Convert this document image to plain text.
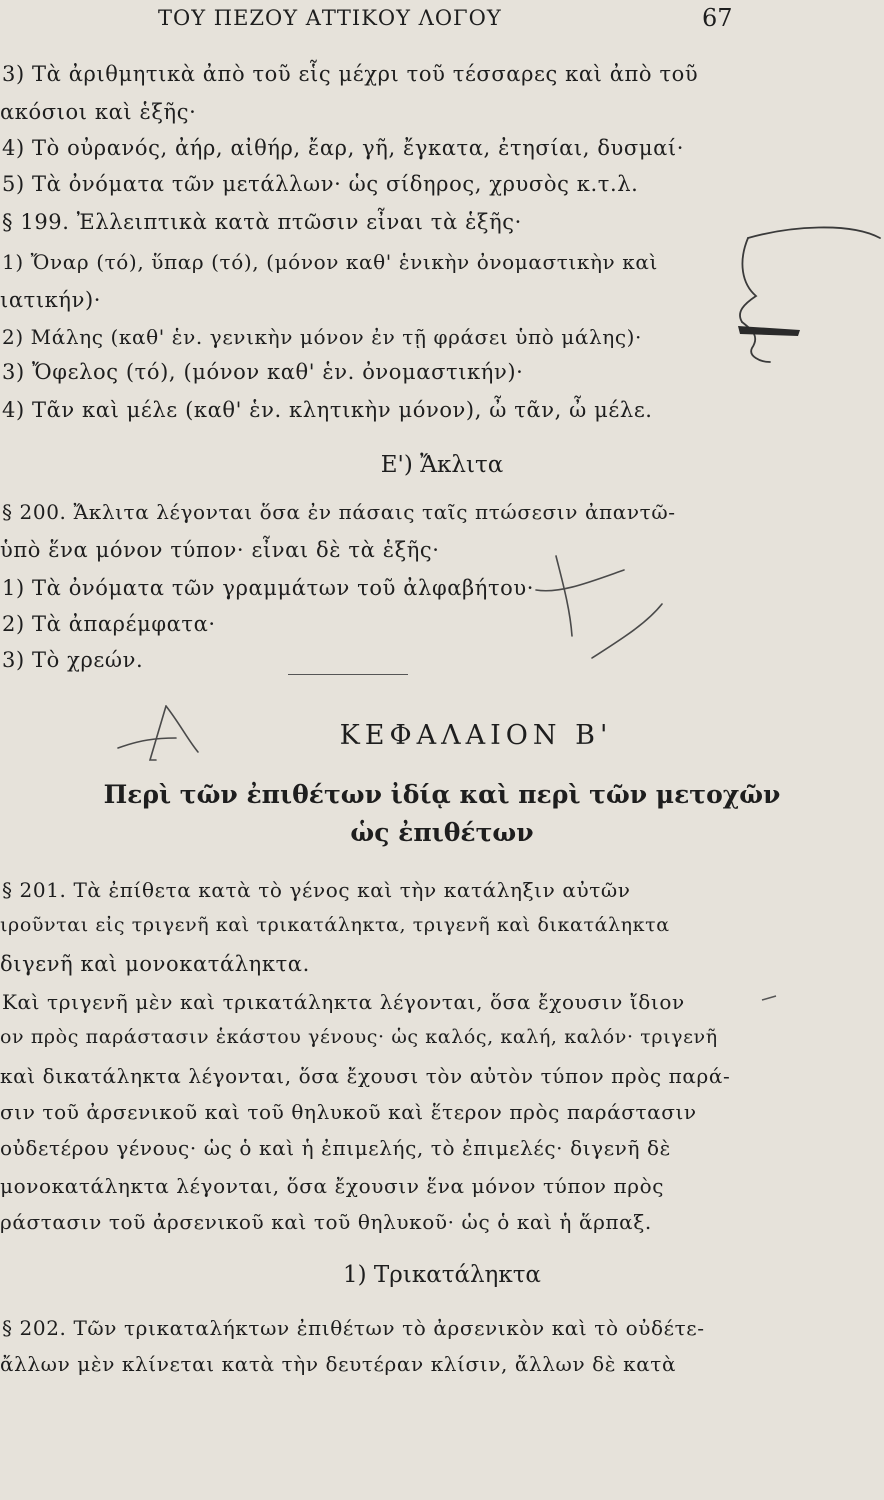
ΤΟΥ ΠΕΖΟΥ ΑΤΤΙΚΟΥ ΛΟΓΟΥ	67
3) Τὰ ἀριθμητικὰ ἀπὸ τοῦ εἷς μέχρι τοῦ τέσσαρες καὶ ἀπὸ τοῦ
ακόσιοι καὶ ἑξῆς·
4) Τὸ οὐρανός, ἀήρ, αἰθήρ, ἔαρ, γῆ, ἔγκατα, ἐτησίαι, δυσμαί·
5) Τὰ ὀνόματα τῶν μετάλλων· ὡς σίδηρος, χρυσὸς κ.τ.λ.
§ 199. Ἐλλειπτικὰ κατὰ πτῶσιν εἶναι τὰ ἑξῆς·
1) Ὄναρ (τό), ὕπαρ (τό), (μόνον καθ' ἑνικὴν ὀνομαστικὴν καὶ
ιατικήν)·
2) Μάλης (καθ' ἑν. γενικὴν μόνον ἐν τῇ φράσει ὑπὸ μάλης)·
3) Ὄφελος (τό), (μόνον καθ' ἑν. ὀνομαστικήν)·
4) Τᾶν καὶ μέλε (καθ' ἑν. κλητικὴν μόνον), ὦ τᾶν, ὦ μέλε.
Ε') Ἄκλιτα
§ 200. Ἄκλιτα λέγονται ὅσα ἐν πάσαις ταῖς πτώσεσιν ἀπαντῶ-
ὑπὸ ἕνα μόνον τύπον· εἶναι δὲ τὰ ἑξῆς·
1) Τὰ ὀνόματα τῶν γραμμάτων τοῦ ἀλφαβήτου·
2) Τὰ ἀπαρέμφατα·
3) Τὸ χρεών.
ΚΕΦΑΛΑΙΟΝ Β'
Περὶ τῶν ἐπιθέτων ἰδίᾳ καὶ περὶ τῶν μετοχῶν
ὡς ἐπιθέτων
§ 201. Τὰ ἐπίθετα κατὰ τὸ γένος καὶ τὴν κατάληξιν αὐτῶν
ιροῦνται εἰς τριγενῆ καὶ τρικατάληκτα, τριγενῆ καὶ δικατάληκτα
διγενῆ καὶ μονοκατάληκτα.
Καὶ τριγενῆ μὲν καὶ τρικατάληκτα λέγονται, ὅσα ἔχουσιν ἴδιον
ον πρὸς παράστασιν ἑκάστου γένους· ὡς καλός, καλή, καλόν· τριγενῆ
καὶ δικατάληκτα λέγονται, ὅσα ἔχουσι τὸν αὐτὸν τύπον πρὸς παρά-
σιν τοῦ ἀρσενικοῦ καὶ τοῦ θηλυκοῦ καὶ ἕτερον πρὸς παράστασιν
οὐδετέρου γένους· ὡς ὁ καὶ ἡ ἐπιμελής, τὸ ἐπιμελές· διγενῆ δὲ
μονοκατάληκτα λέγονται, ὅσα ἔχουσιν ἕνα μόνον τύπον πρὸς
ράστασιν τοῦ ἀρσενικοῦ καὶ τοῦ θηλυκοῦ· ὡς ὁ καὶ ἡ ἅρπαξ.
1) Τρικατάληκτα
§ 202. Τῶν τρικαταλήκτων ἐπιθέτων τὸ ἀρσενικὸν καὶ τὸ οὐδέτε-
ἄλλων μὲν κλίνεται κατὰ τὴν δευτέραν κλίσιν, ἄλλων δὲ κατὰ
